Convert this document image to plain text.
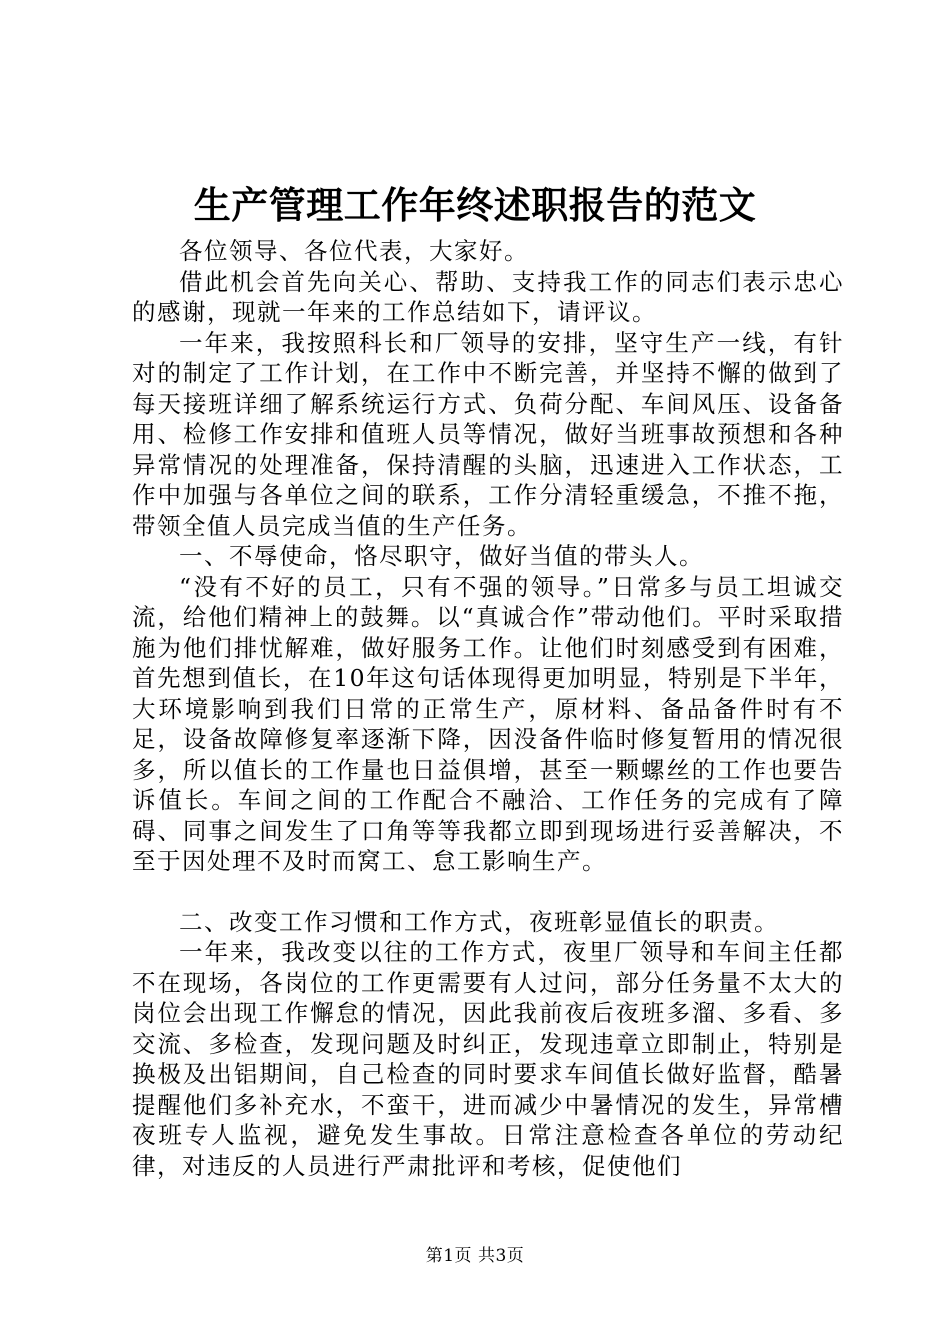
生产管理工作年终述职报告的范文

各位领导、各位代表，大家好。

借此机会首先向关心、帮助、支持我工作的同志们表示忠心的感谢，现就一年来的工作总结如下，请评议。

一年来，我按照科长和厂领导的安排，坚守生产一线，有针对的制定了工作计划，在工作中不断完善，并坚持不懈的做到了每天接班详细了解系统运行方式、负荷分配、车间风压、设备备用、检修工作安排和值班人员等情况，做好当班事故预想和各种异常情况的处理准备，保持清醒的头脑，迅速进入工作状态，工作中加强与各单位之间的联系，工作分清轻重缓急，不推不拖，带领全值人员完成当值的生产任务。

一、不辱使命，恪尽职守，做好当值的带头人。

“没有不好的员工，只有不强的领导。”日常多与员工坦诚交流，给他们精神上的鼓舞。以“真诚合作”带动他们。平时采取措施为他们排忧解难，做好服务工作。让他们时刻感受到有困难，首先想到值长，在10年这句话体现得更加明显，特别是下半年，大环境影响到我们日常的正常生产，原材料、备品备件时有不足，设备故障修复率逐渐下降，因没备件临时修复暂用的情况很多，所以值长的工作量也日益俱增，甚至一颗螺丝的工作也要告诉值长。车间之间的工作配合不融洽、工作任务的完成有了障碍、同事之间发生了口角等等我都立即到现场进行妥善解决，不至于因处理不及时而窝工、怠工影响生产。

二、改变工作习惯和工作方式，夜班彰显值长的职责。

一年来，我改变以往的工作方式，夜里厂领导和车间主任都不在现场，各岗位的工作更需要有人过问，部分任务量不太大的岗位会出现工作懈怠的情况，因此我前夜后夜班多溜、多看、多交流、多检查，发现问题及时纠正，发现违章立即制止，特别是换极及出铝期间，自己检查的同时要求车间值长做好监督，酷暑提醒他们多补充水，不蛮干，进而减少中暑情况的发生，异常槽夜班专人监视，避免发生事故。日常注意检查各单位的劳动纪律，对违反的人员进行严肃批评和考核，促使他们

第1页 共3页
